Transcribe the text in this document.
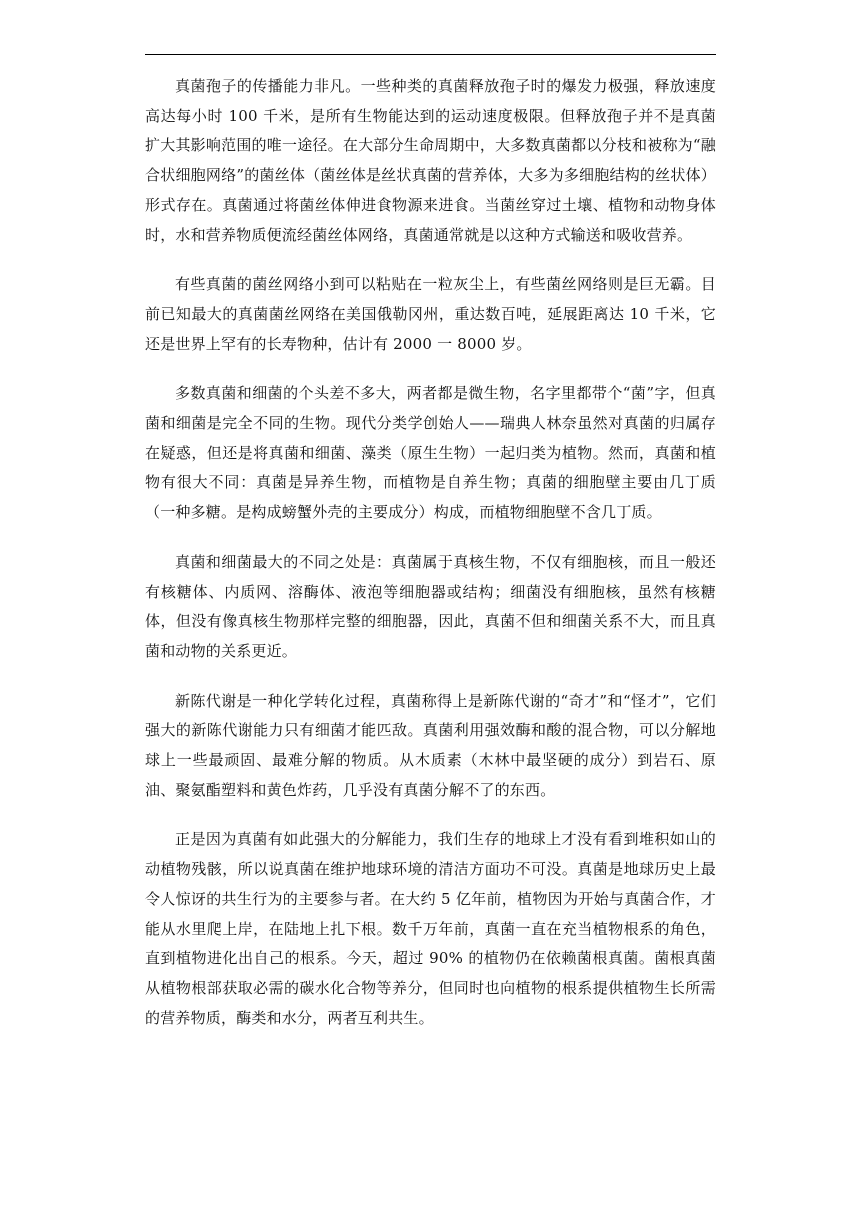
真菌孢子的传播能力非凡。一些种类的真菌释放孢子时的爆发力极强，释放速度高达每小时 100 千米，是所有生物能达到的运动速度极限。但释放孢子并不是真菌扩大其影响范围的唯一途径。在大部分生命周期中，大多数真菌都以分枝和被称为“融合状细胞网络”的菌丝体（菌丝体是丝状真菌的营养体，大多为多细胞结构的丝状体）形式存在。真菌通过将菌丝体伸进食物源来进食。当菌丝穿过土壤、植物和动物身体时，水和营养物质便流经菌丝体网络，真菌通常就是以这种方式输送和吸收营养。

有些真菌的菌丝网络小到可以粘贴在一粒灰尘上，有些菌丝网络则是巨无霸。目前已知最大的真菌菌丝网络在美国俄勒冈州，重达数百吨，延展距离达 10 千米，它还是世界上罕有的长寿物种，估计有 2000 一 8000 岁。

多数真菌和细菌的个头差不多大，两者都是微生物，名字里都带个“菌”字，但真菌和细菌是完全不同的生物。现代分类学创始人——瑞典人林奈虽然对真菌的归属存在疑惑，但还是将真菌和细菌、藻类（原生生物）一起归类为植物。然而，真菌和植物有很大不同：真菌是异养生物，而植物是自养生物；真菌的细胞壁主要由几丁质（一种多糖。是构成螃蟹外壳的主要成分）构成，而植物细胞壁不含几丁质。

真菌和细菌最大的不同之处是：真菌属于真核生物，不仅有细胞核，而且一般还有核糖体、内质网、溶酶体、液泡等细胞器或结构；细菌没有细胞核，虽然有核糖体，但没有像真核生物那样完整的细胞器，因此，真菌不但和细菌关系不大，而且真菌和动物的关系更近。

新陈代谢是一种化学转化过程，真菌称得上是新陈代谢的“奇才”和“怪才”，它们强大的新陈代谢能力只有细菌才能匹敌。真菌利用强效酶和酸的混合物，可以分解地球上一些最顽固、最难分解的物质。从木质素（木林中最坚硬的成分）到岩石、原油、聚氨酯塑料和黄色炸药，几乎没有真菌分解不了的东西。

正是因为真菌有如此强大的分解能力，我们生存的地球上才没有看到堆积如山的动植物残骸，所以说真菌在维护地球环境的清洁方面功不可没。真菌是地球历史上最令人惊讶的共生行为的主要参与者。在大约 5 亿年前，植物因为开始与真菌合作，才能从水里爬上岸，在陆地上扎下根。数千万年前，真菌一直在充当植物根系的角色，直到植物进化出自己的根系。今天，超过 90% 的植物仍在依赖菌根真菌。菌根真菌从植物根部获取必需的碳水化合物等养分，但同时也向植物的根系提供植物生长所需的营养物质，酶类和水分，两者互利共生。
